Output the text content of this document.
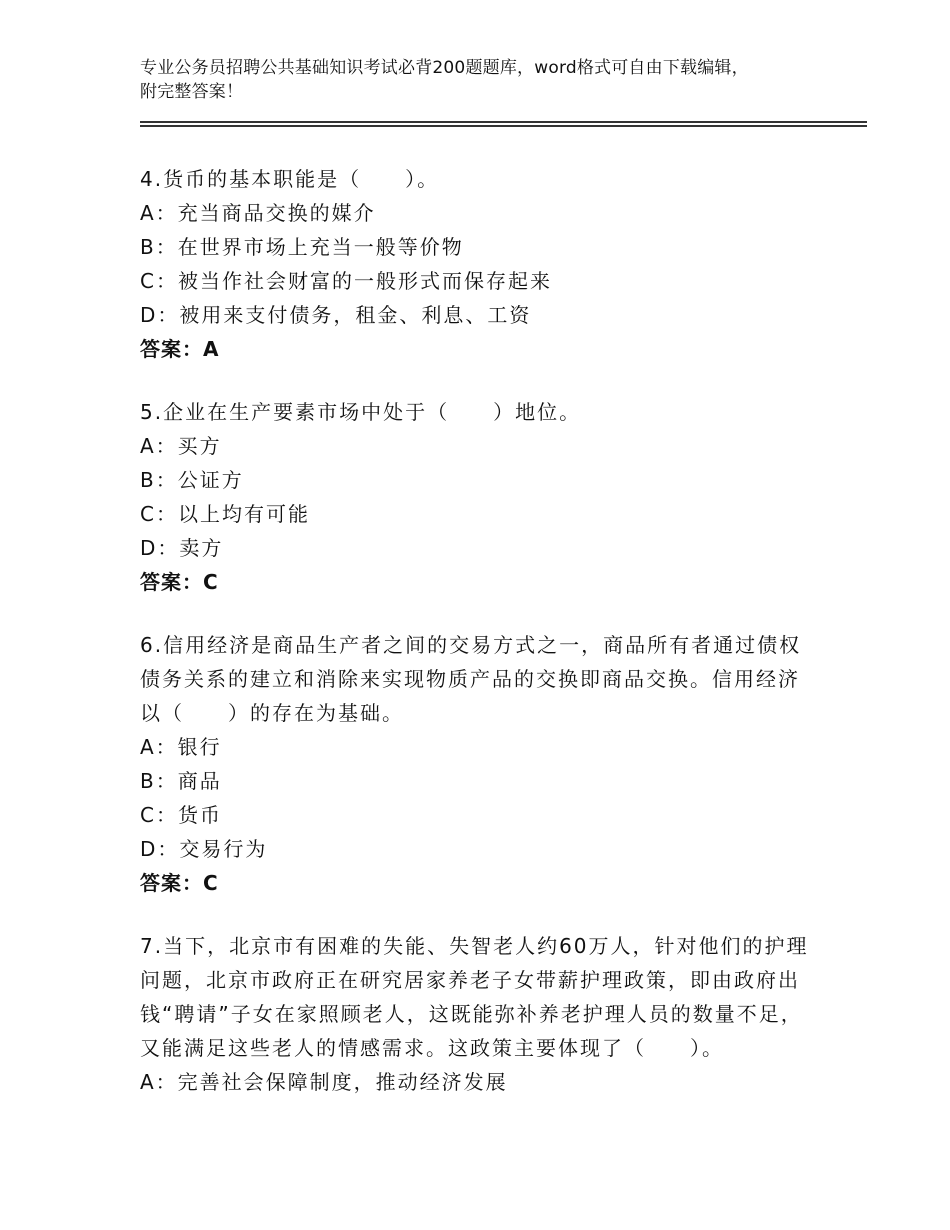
专业公务员招聘公共基础知识考试必背200题题库，word格式可自由下载编辑，
附完整答案！

4.货币的基本职能是（　　）。

A：充当商品交换的媒介

B：在世界市场上充当一般等价物

C：被当作社会财富的一般形式而保存起来

D：被用来支付债务，租金、利息、工资

答案：A

5.企业在生产要素市场中处于（　　）地位。

A：买方

B：公证方

C：以上均有可能

D：卖方

答案：C

6.信用经济是商品生产者之间的交易方式之一，商品所有者通过债权债务关系的建立和消除来实现物质产品的交换即商品交换。信用经济以（　　）的存在为基础。

A：银行

B：商品

C：货币

D：交易行为

答案：C

7.当下，北京市有困难的失能、失智老人约60万人，针对他们的护理问题，北京市政府正在研究居家养老子女带薪护理政策，即由政府出钱“聘请”子女在家照顾老人，这既能弥补养老护理人员的数量不足，又能满足这些老人的情感需求。这政策主要体现了（　　）。

A：完善社会保障制度，推动经济发展
